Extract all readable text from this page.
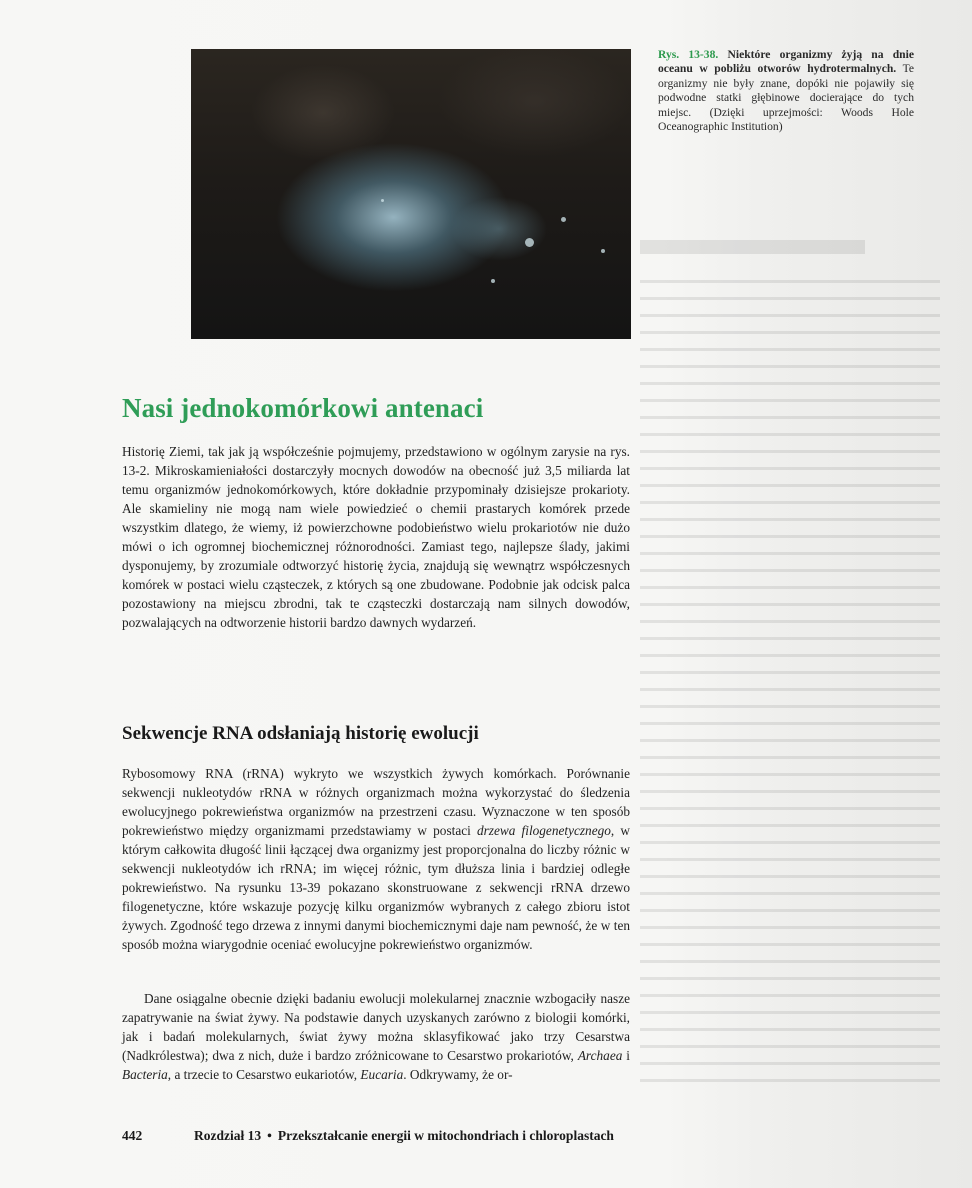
Rys. 13-38. Niektóre organizmy żyją na dnie oceanu w pobliżu otworów hydrotermalnych. Te organizmy nie były znane, dopóki nie pojawiły się podwodne statki głębinowe docierające do tych miejsc. (Dzięki uprzejmości: Woods Hole Oceanographic Institution)
Nasi jednokomórkowi antenaci

Historię Ziemi, tak jak ją współcześnie pojmujemy, przedstawiono w ogólnym zarysie na rys. 13-2. Mikroskamieniałości dostarczyły mocnych dowodów na obecność już 3,5 miliarda lat temu organizmów jednokomórkowych, które dokładnie przypominały dzisiejsze prokarioty. Ale skamieliny nie mogą nam wiele powiedzieć o chemii prastarych komórek przede wszystkim dlatego, że wiemy, iż powierzchowne podobieństwo wielu prokariotów nie dużo mówi o ich ogromnej biochemicznej różnorodności. Zamiast tego, najlepsze ślady, jakimi dysponujemy, by zrozumiale odtworzyć historię życia, znajdują się wewnątrz współczesnych komórek w postaci wielu cząsteczek, z których są one zbudowane. Podobnie jak odcisk palca pozostawiony na miejscu zbrodni, tak te cząsteczki dostarczają nam silnych dowodów, pozwalających na odtworzenie historii bardzo dawnych wydarzeń.

Sekwencje RNA odsłaniają historię ewolucji

Rybosomowy RNA (rRNA) wykryto we wszystkich żywych komórkach. Porównanie sekwencji nukleotydów rRNA w różnych organizmach można wykorzystać do śledzenia ewolucyjnego pokrewieństwa organizmów na przestrzeni czasu. Wyznaczone w ten sposób pokrewieństwo między organizmami przedstawiamy w postaci drzewa filogenetycznego, w którym całkowita długość linii łączącej dwa organizmy jest proporcjonalna do liczby różnic w sekwencji nukleotydów ich rRNA; im więcej różnic, tym dłuższa linia i bardziej odległe pokrewieństwo. Na rysunku 13-39 pokazano skonstruowane z sekwencji rRNA drzewo filogenetyczne, które wskazuje pozycję kilku organizmów wybranych z całego zbioru istot żywych. Zgodność tego drzewa z innymi danymi biochemicznymi daje nam pewność, że w ten sposób można wiarygodnie oceniać ewolucyjne pokrewieństwo organizmów.

Dane osiągalne obecnie dzięki badaniu ewolucji molekularnej znacznie wzbogaciły nasze zapatrywanie na świat żywy. Na podstawie danych uzyskanych zarówno z biologii komórki, jak i badań molekularnych, świat żywy można sklasyfikować jako trzy Cesarstwa (Nadkrólestwa); dwa z nich, duże i bardzo zróżnicowane to Cesarstwo prokariotów, Archaea i Bacteria, a trzecie to Cesarstwo eukariotów, Eucaria. Odkrywamy, że or-

442	Rozdział 13 • Przekształcanie energii w mitochondriach i chloroplastach
